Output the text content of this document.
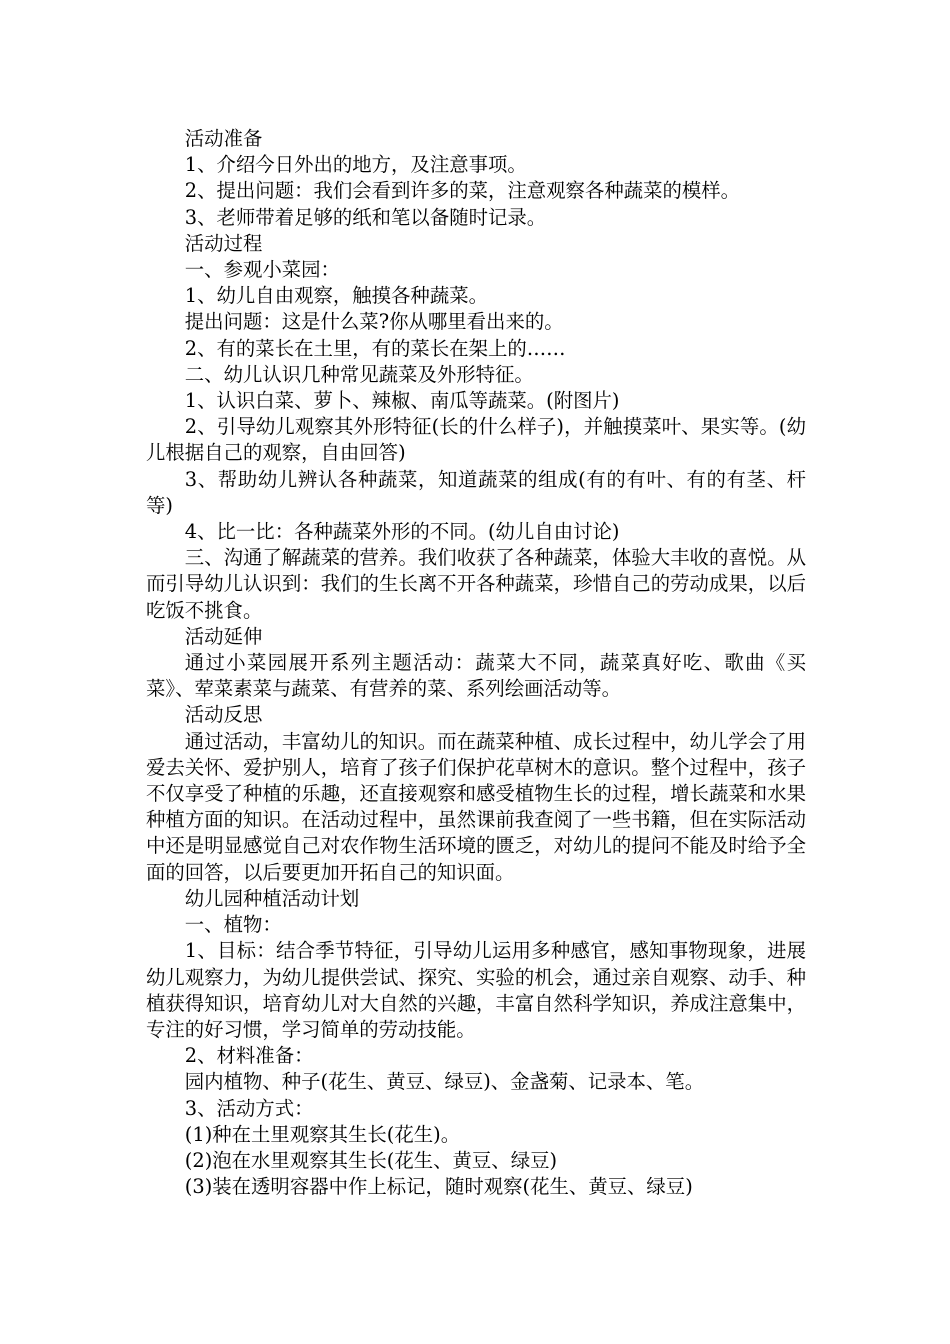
活动准备

1、介绍今日外出的地方，及注意事项。

2、提出问题：我们会看到许多的菜，注意观察各种蔬菜的模样。

3、老师带着足够的纸和笔以备随时记录。

活动过程

一、参观小菜园：

1、幼儿自由观察，触摸各种蔬菜。

提出问题：这是什么菜?你从哪里看出来的。

2、有的菜长在土里，有的菜长在架上的……

二、幼儿认识几种常见蔬菜及外形特征。

1、认识白菜、萝卜、辣椒、南瓜等蔬菜。(附图片)

2、引导幼儿观察其外形特征(长的什么样子)，并触摸菜叶、果实等。(幼儿根据自己的观察，自由回答)

3、帮助幼儿辨认各种蔬菜，知道蔬菜的组成(有的有叶、有的有茎、杆等)

4、比一比：各种蔬菜外形的不同。(幼儿自由讨论)

三、沟通了解蔬菜的营养。我们收获了各种蔬菜，体验大丰收的喜悦。从而引导幼儿认识到：我们的生长离不开各种蔬菜，珍惜自己的劳动成果，以后吃饭不挑食。

活动延伸

通过小菜园展开系列主题活动：蔬菜大不同，蔬菜真好吃、歌曲《买菜》、荤菜素菜与蔬菜、有营养的菜、系列绘画活动等。

活动反思

通过活动，丰富幼儿的知识。而在蔬菜种植、成长过程中，幼儿学会了用爱去关怀、爱护别人，培育了孩子们保护花草树木的意识。整个过程中，孩子不仅享受了种植的乐趣，还直接观察和感受植物生长的过程，增长蔬菜和水果种植方面的知识。在活动过程中，虽然课前我查阅了一些书籍，但在实际活动中还是明显感觉自己对农作物生活环境的匮乏，对幼儿的提问不能及时给予全面的回答，以后要更加开拓自己的知识面。

幼儿园种植活动计划

一、植物：

1、目标：结合季节特征，引导幼儿运用多种感官，感知事物现象，进展幼儿观察力，为幼儿提供尝试、探究、实验的机会，通过亲自观察、动手、种植获得知识，培育幼儿对大自然的兴趣，丰富自然科学知识，养成注意集中，专注的好习惯，学习简单的劳动技能。

2、材料准备：

园内植物、种子(花生、黄豆、绿豆)、金盏菊、记录本、笔。

3、活动方式：

(1)种在土里观察其生长(花生)。

(2)泡在水里观察其生长(花生、黄豆、绿豆)

(3)装在透明容器中作上标记，随时观察(花生、黄豆、绿豆)
